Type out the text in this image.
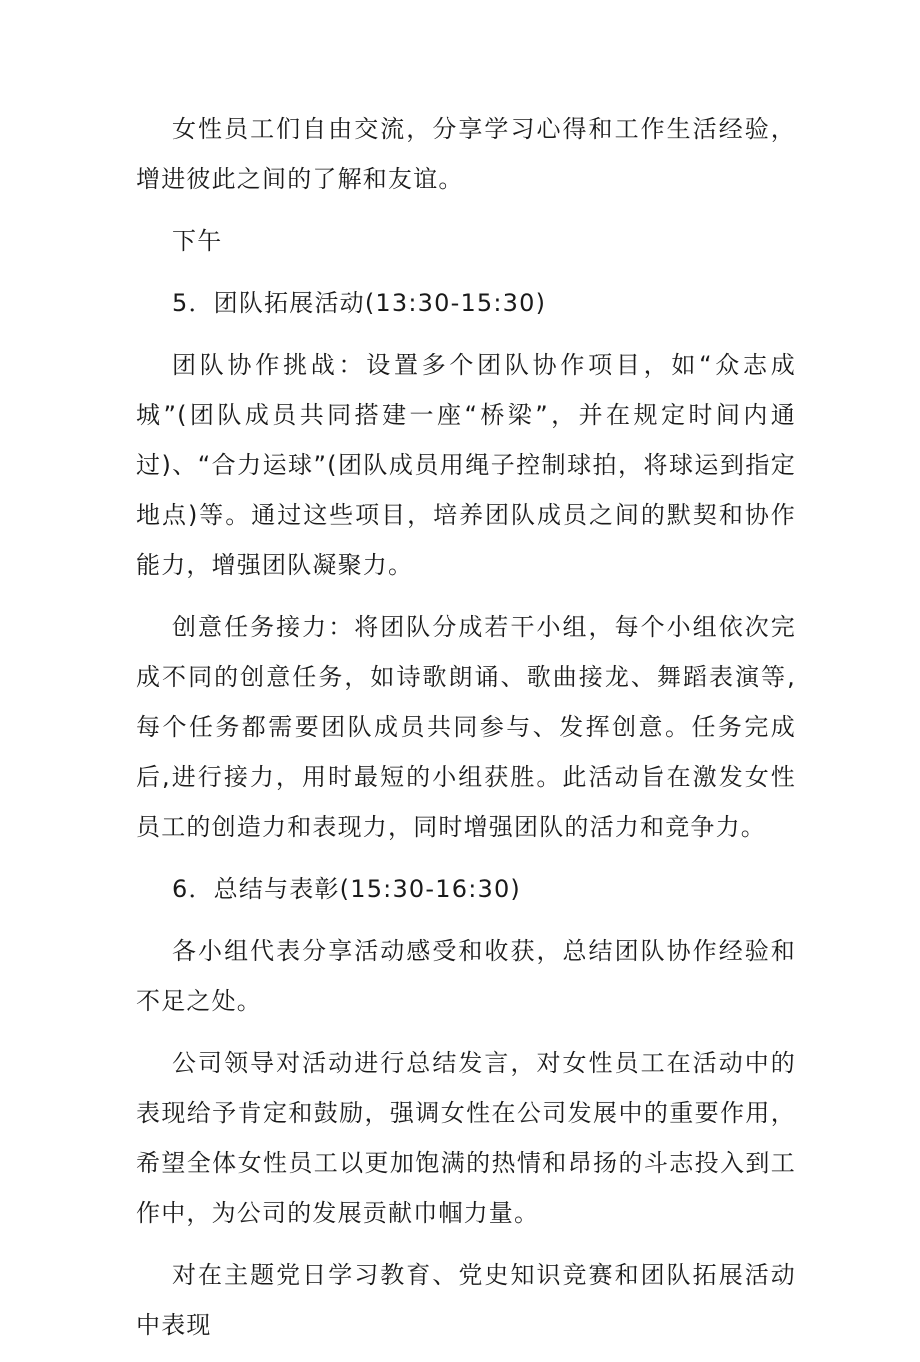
女性员工们自由交流，分享学习心得和工作生活经验，增进彼此之间的了解和友谊。

下午

5．团队拓展活动(13:30-15:30)

团队协作挑战：设置多个团队协作项目，如“众志成城”(团队成员共同搭建一座“桥梁”，并在规定时间内通过)、“合力运球”(团队成员用绳子控制球拍，将球运到指定地点)等。通过这些项目，培养团队成员之间的默契和协作能力，增强团队凝聚力。

创意任务接力：将团队分成若干小组，每个小组依次完成不同的创意任务，如诗歌朗诵、歌曲接龙、舞蹈表演等,每个任务都需要团队成员共同参与、发挥创意。任务完成后,进行接力，用时最短的小组获胜。此活动旨在激发女性员工的创造力和表现力，同时增强团队的活力和竞争力。

6．总结与表彰(15:30-16:30)

各小组代表分享活动感受和收获，总结团队协作经验和不足之处。

公司领导对活动进行总结发言，对女性员工在活动中的表现给予肯定和鼓励，强调女性在公司发展中的重要作用，希望全体女性员工以更加饱满的热情和昂扬的斗志投入到工作中，为公司的发展贡献巾帼力量。

对在主题党日学习教育、党史知识竞赛和团队拓展活动中表现
